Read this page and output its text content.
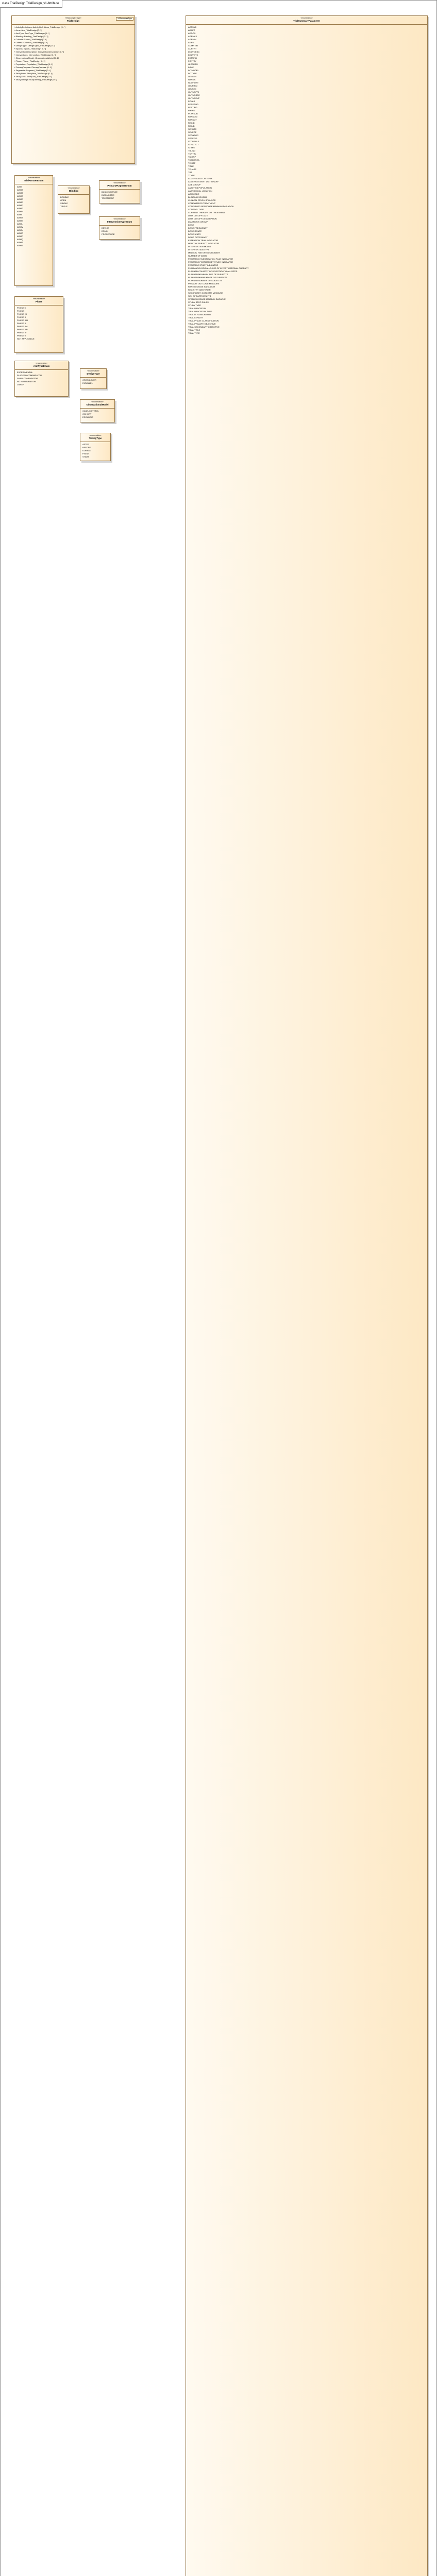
class TrialDesign TrialDesign_v1 Attribute
XSDcomplexType
«XSDcomplexType»
TrialDesign
+ ActivityDefinitions: ActivityDefinitions_TrialDesign [0..*]
+ Arms: Arm_TrialDesign [0..*]
+ ArmType: ArmType_TrialDesign [0..*]
+ Blinding: Blinding_TrialDesign [0..1]
+ Cohorts: Cohort_TrialDesign [0..*]
+ Criteria: Criterion_TrialDesign [0..*]
+ DesignType: DesignType_TrialDesign [0..1]
+ Epochs: Epoch_TrialDesign [0..*]
+ InterventionDescription: InterventionDescription [0..*]
+ Interventions: Intervention_TrialDesign [0..*]
+ ObservationalModel: ObservationalModel [0..1]
+ Phase: Phase_TrialDesign [0..1]
+ Population: Population_TrialDesign [0..1]
+ PrimaryPurpose: PrimaryPurpose [0..1]
+ Segments: Segment_TrialDesign [0..*]
+ StudyArms: StudyArm_TrialDesign [0..*]
+ StudyCells: StudyCell_TrialDesign [0..*]
+ StudyTimings: StudyTiming_TrialDesign [0..*]
«enumeration»
TrialArmSetEnum
ARM
ARMA
ARMB
ARMC
ARMD
ARME
ARMF
ARMG
ARMH
ARMI
ARMJ
ARMK
ARML
ARMM
ARMN
ARMO
ARMP
ARMQ
ARMR
ARMS
«enumeration»
Blinding
DOUBLE
OPEN
SINGLE
TRIPLE
«enumeration»
PrimaryPurposeEnum
BASIC SCIENCE
DIAGNOSTIC
TREATMENT
«enumeration»
InterventionTypeEnum
DEVICE
DRUG
PROCEDURE
«enumeration»
Phase
PHASE 0
PHASE I
PHASE I/II
PHASE II
PHASE II/III
PHASE III
PHASE IIIA
PHASE IIIB
PHASE IV
PHASE V
NOT APPLICABLE
«enumeration»
DesignType
CROSS-OVER
PARALLEL
«enumeration»
ObservationalModel
CASE-CONTROL
COHORT
ECOLOGIC
«enumeration»
ArmTypeEnum
EXPERIMENTAL
PLACEBO COMPARATOR
SHAM COMPARATOR
NO INTERVENTION
OTHER
«enumeration»
TimingType
AFTER
BEFORE
DURING
FIXED
START
«enumeration»
TrialSummaryParameter
ACTSUB
ADAPT
ADDON
AGEMAX
AGEMIN
AGEU
COMPTRT
CURTRT
DCUTDESC
DCUTDTC
EXTTIND
FCNTRY
HLTSUBJI
INDIC
INTMODEL
INTTYPE
LENGTH
NARMS
NCOHORT
OBJPRIM
OBJSEC
OUTMSPRI
OUTMSSEC
OUTMSEXP
PCLAS
PDPSTIND
PDSTIND
PIPIND
PLANSUB
RANDOM
RANDQT
REGID
RDIND
SENDTC
SEXPOP
SPONSOR
SPREFID
STOPRULE
STRATFCT
STYPE
TBLIND
TCNTRL
TDIGRP
THERAREA
TINDTP
TITLE
TPHASE
TRT
TTYPE
ACCEPTANCE CRITERIA
ADVERSE EVENT DICTIONARY
AGE GROUP
ANALYSIS POPULATION
ANATOMICAL LOCATION
ARM CODE
BLINDING SCHEMA
CLINICAL STUDY SPONSOR
COMPARATOR TREATMENT
CONFIRMED RESPONSE MINIMUM DURATION
CONTROL TYPE
CURRENT THERAPY OR TREATMENT
DATA CUTOFF DATE
DATA CUTOFF DESCRIPTION
DIAGNOSIS GROUP
DOSE
DOSE FREQUENCY
DOSE ROUTE
DOSE UNITS
DRUG DICTIONARY
EXTENSION TRIAL INDICATOR
HEALTHY SUBJECT INDICATOR
INTERVENTION MODEL
INTERVENTION TYPE
MEDICAL HISTORY DICTIONARY
NUMBER OF ARMS
PEDIATRIC INVESTIGATION PLAN INDICATOR
PEDIATRIC POSTMARKET STUDY INDICATOR
PEDIATRIC STUDY INDICATOR
PHARMACOLOGICAL CLASS OF INVESTIGATIONAL THERAPY
PLANNED COUNTRY OF INVESTIGATIONAL SITES
PLANNED MAXIMUM AGE OF SUBJECTS
PLANNED MINIMUM AGE OF SUBJECTS
PLANNED NUMBER OF SUBJECTS
PRIMARY OUTCOME MEASURE
RARE DISEASE INDICATOR
REGISTRY IDENTIFIER
SECONDARY OUTCOME MEASURE
SEX OF PARTICIPANTS
STABLE DISEASE MINIMUM DURATION
STUDY STOP RULES
STUDY TYPE
TRIAL INDICATION
TRIAL INDICATION TYPE
TRIAL IS RANDOMIZED
TRIAL LENGTH
TRIAL PHASE CLASSIFICATION
TRIAL PRIMARY OBJECTIVE
TRIAL SECONDARY OBJECTIVE
TRIAL TITLE
TRIAL TYPE
